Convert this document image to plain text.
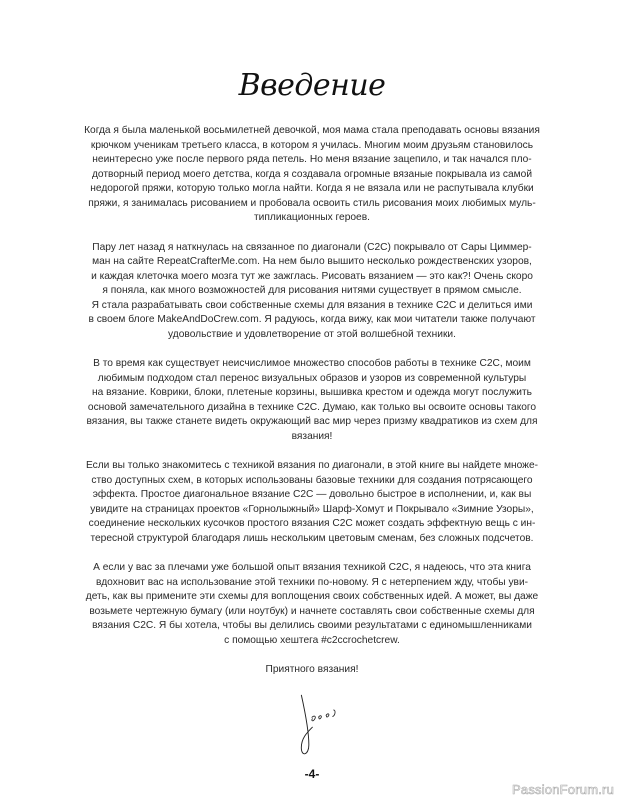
Введение
Когда я была маленькой восьмилетней девочкой, моя мама стала преподавать основы вязания
крючком ученикам третьего класса, в котором я училась. Многим моим друзьям становилось
неинтересно уже после первого ряда петель. Но меня вязание зацепило, и так начался пло-
дотворный период моего детства, когда я создавала огромные вязаные покрывала из самой
недорогой пряжи, которую только могла найти. Когда я не вязала или не распутывала клубки
пряжи, я занималась рисованием и пробовала освоить стиль рисования моих любимых муль-
типликационных героев.
Пару лет назад я наткнулась на связанное по диагонали (C2C) покрывало от Сары Циммер-
ман на сайте RepeatCrafterMe.com. На нем было вышито несколько рождественских узоров,
и каждая клеточка моего мозга тут же зажглась. Рисовать вязанием — это как?! Очень скоро
я поняла, как много возможностей для рисования нитями существует в прямом смысле.
Я стала разрабатывать свои собственные схемы для вязания в технике C2C и делиться ими
в своем блоге MakeAndDoCrew.com. Я радуюсь, когда вижу, как мои читатели также получают
удовольствие и удовлетворение от этой волшебной техники.
В то время как существует неисчислимое множество способов работы в технике C2C, моим
любимым подходом стал перенос визуальных образов и узоров из современной культуры
на вязание. Коврики, блоки, плетеные корзины, вышивка крестом и одежда могут послужить
основой замечательного дизайна в технике C2C. Думаю, как только вы освоите основы такого
вязания, вы также станете видеть окружающий вас мир через призму квадратиков из схем для
вязания!
Если вы только знакомитесь с техникой вязания по диагонали, в этой книге вы найдете множе-
ство доступных схем, в которых использованы базовые техники для создания потрясающего
эффекта. Простое диагональное вязание C2C — довольно быстрое в исполнении, и, как вы
увидите на страницах проектов «Горнолыжный» Шарф-Хомут и Покрывало «Зимние Узоры»,
соединение нескольких кусочков простого вязания C2C может создать эффектную вещь с ин-
тересной структурой благодаря лишь нескольким цветовым сменам, без сложных подсчетов.
А если у вас за плечами уже большой опыт вязания техникой C2C, я надеюсь, что эта книга
вдохновит вас на использование этой техники по-новому. Я с нетерпением жду, чтобы уви-
деть, как вы примените эти схемы для воплощения своих собственных идей. А может, вы даже
возьмете чертежную бумагу (или ноутбук) и начнете составлять свои собственные схемы для
вязания C2C. Я бы хотела, чтобы вы делились своими результатами с единомышленниками
с помощью хештега #c2ccrochetcrew.
Приятного вязания!
-4-
PassionForum.ru
